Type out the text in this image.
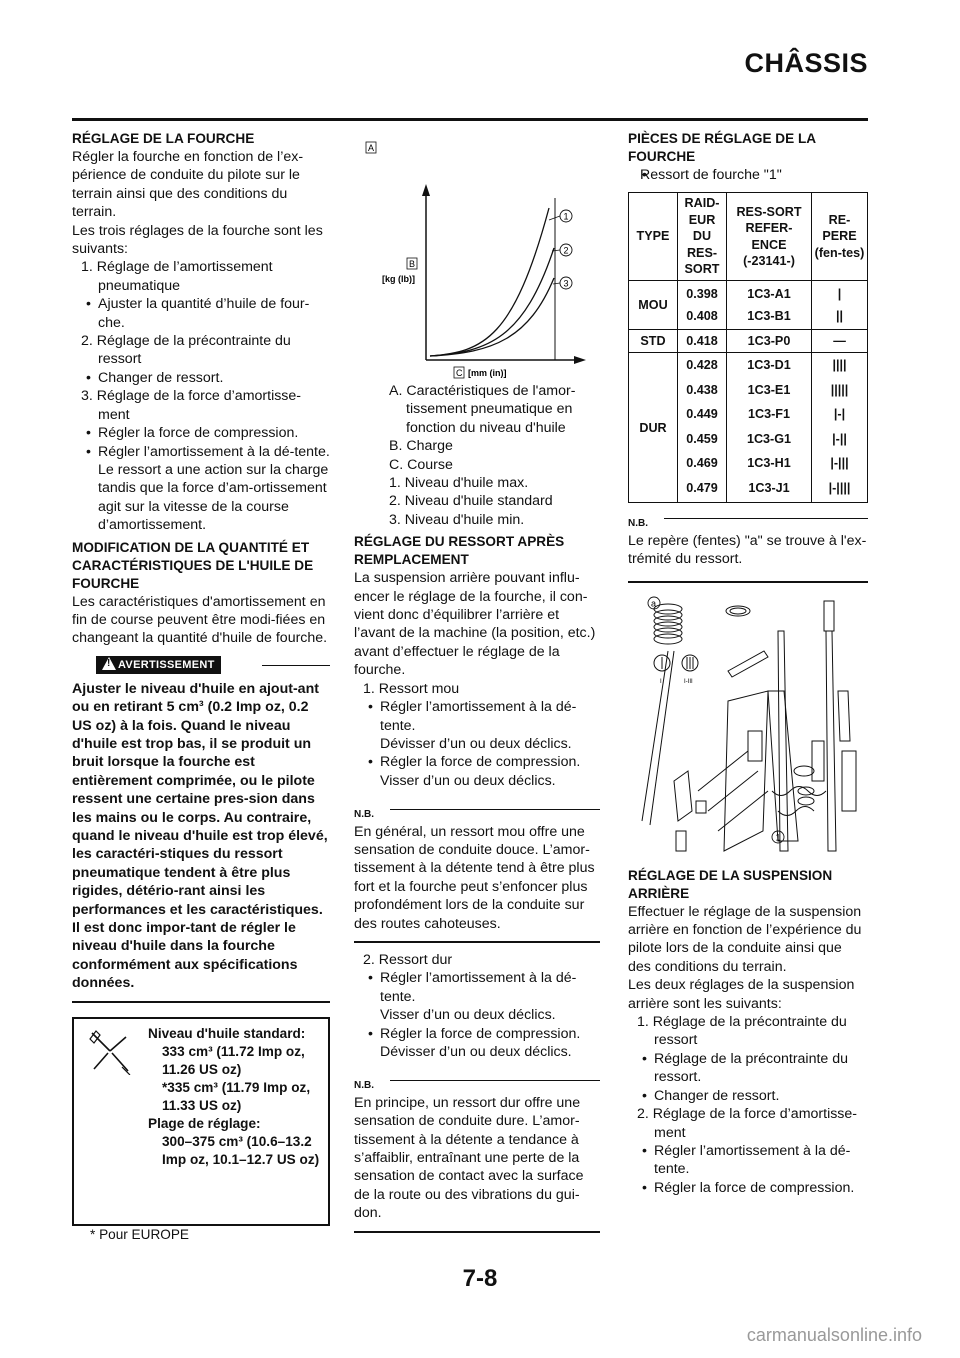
CHÂSSIS
RÉGLAGE DE LA FOURCHE

Régler la fourche en fonction de l’ex-périence de conduite du pilote sur le terrain ainsi que des conditions du terrain.

Les trois réglages de la fourche sont les suivants:

1. Réglage de l’amortissement pneumatique

• Ajuster la quantité d’huile de four-che.

2. Réglage de la précontrainte du ressort

• Changer de ressort.

3. Réglage de la force d’amortisse-ment

• Régler la force de compression.

• Régler l’amortissement à la dé-tente.

Le ressort a une action sur la charge tandis que la force d’am-ortissement agit sur la vitesse de la course d’amortissement.

MODIFICATION DE LA QUANTITÉ ET CARACTÉRISTIQUES DE L'HUILE DE FOURCHE

Les caractéristiques d'amortissement en fin de course peuvent être modi-fiées en changeant la quantité d'huile de fourche.

!
AVERTISSEMENT

Ajuster le niveau d'huile en ajout-ant ou en retirant 5 cm³ (0.2 Imp oz, 0.2 US oz) à la fois. Quand le niveau d'huile est trop bas, il se produit un bruit lorsque la fourche est entièrement comprimée, ou le pilote ressent une certaine pres-sion dans les mains ou le corps. Au contraire, quand le niveau d'huile est trop élevé, les caractéri-stiques du ressort pneumatique tendent à être plus rigides, détério-rant ainsi les performances et les caractéristiques. Il est donc impor-tant de régler le niveau d'huile dans la fourche conformément aux spécifications données.

Niveau d'huile standard:
333 cm³ (11.72 Imp oz, 11.26 US oz)
*335 cm³ (11.79 Imp oz, 11.33 US oz)
Plage de réglage:
300–375 cm³ (10.6–13.2 Imp oz, 10.1–12.7 US oz)

* Pour EUROPE

A
1
2
3
B
[kg (lb)]
C [mm (in)]

A. Caractéristiques de l'amor-tissement pneumatique en fonction du niveau d'huile

B. Charge

C. Course

1. Niveau d'huile max.

2. Niveau d'huile standard

3. Niveau d'huile min.

RÉGLAGE DU RESSORT APRÈS REMPLACEMENT

La suspension arrière pouvant influ-encer le réglage de la fourche, il con-vient donc d’équilibrer l’arrière et l’avant de la machine (la position, etc.) avant d’effectuer le réglage de la fourche.

1. Ressort mou

• Régler l’amortissement à la dé-tente.

Dévisser d’un ou deux déclics.

• Régler la force de compression.

Visser d’un ou deux déclics.

N.B.

En général, un ressort mou offre une sensation de conduite douce. L’amor-tissement à la détente tend à être plus fort et la fourche peut s’enfoncer plus profondément lors de la conduite sur des routes cahoteuses.

2. Ressort dur

• Régler l’amortissement à la dé-tente.

Visser d’un ou deux déclics.

• Régler la force de compression.

Dévisser d’un ou deux déclics.

N.B.

En principe, un ressort dur offre une sensation de conduite dure. L’amor-tissement à la détente a tendance à s’affaiblir, entraînant une perte de la sensation de contact avec la surface de la route ou des vibrations du gui-don.

PIÈCES DE RÉGLAGE DE LA FOURCHE

• Ressort de fourche "1"

TYPE	RAID-EUR DU RES-SORT	RES-SORT REFER-ENCE (-23141-)	RE-PERE (fen-tes)
MOU	0.398	1C3-A1	|
	0.408	1C3-B1	||
STD	0.418	1C3-P0	—
DUR	0.428	1C3-D1	||||
	0.438	1C3-E1	|||||
	0.449	1C3-F1	|-|
	0.459	1C3-G1	|-||
	0.469	1C3-H1	|-|||
	0.479	1C3-J1	|-||||
N.B.

Le repère (fentes) "a" se trouve à l'ex-trémité du ressort.

a
1
I	I-III
RÉGLAGE DE LA SUSPENSION ARRIÈRE

Effectuer le réglage de la suspension arrière en fonction de l’expérience du pilote lors de la conduite ainsi que des conditions du terrain.

Les deux réglages de la suspension arrière sont les suivants:

1. Réglage de la précontrainte du ressort

• Réglage de la précontrainte du ressort.

• Changer de ressort.

2. Réglage de la force d’amortisse-ment

• Régler l’amortissement à la dé-tente.

• Régler la force de compression.

7-8
carmanualsonline.info
